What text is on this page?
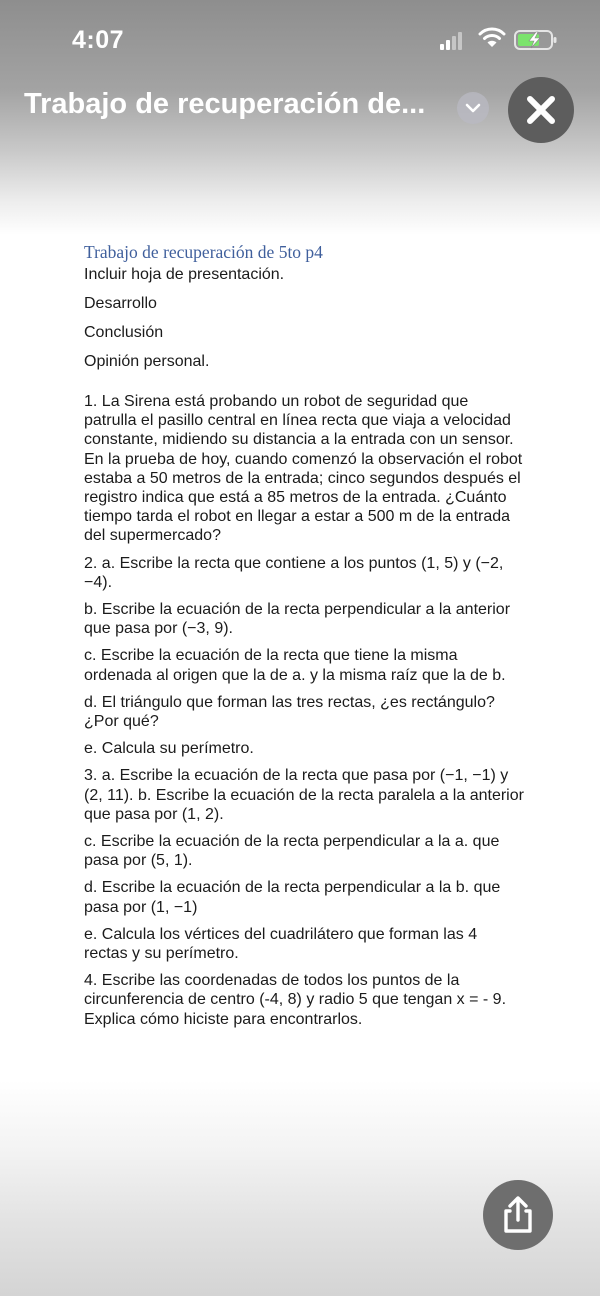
4:07
Trabajo de recuperación de...
Trabajo de recuperación de 5to p4
Incluir hoja de presentación.
Desarrollo
Conclusión
Opinión personal.
1. La Sirena está probando un robot de seguridad que patrulla el pasillo central en línea recta que viaja a velocidad constante, midiendo su distancia a la entrada con un sensor. En la prueba de hoy, cuando comenzó la observación el robot estaba a 50 metros de la entrada; cinco segundos después el registro indica que está a 85 metros de la entrada. ¿Cuánto tiempo tarda el robot en llegar a estar a 500 m de la entrada del supermercado?
2. a. Escribe la recta que contiene a los puntos (1, 5) y (−2, −4).
b. Escribe la ecuación de la recta perpendicular a la anterior que pasa por (−3, 9).
c. Escribe la ecuación de la recta que tiene la misma ordenada al origen que la de a. y la misma raíz que la de b.
d. El triángulo que forman las tres rectas, ¿es rectángulo? ¿Por qué?
e. Calcula su perímetro.
3. a. Escribe la ecuación de la recta que pasa por (−1, −1) y (2, 11). b. Escribe la ecuación de la recta paralela a la anterior que pasa por (1, 2).
c. Escribe la ecuación de la recta perpendicular a la a. que pasa por (5, 1).
d. Escribe la ecuación de la recta perpendicular a la b. que pasa por (1, −1)
e. Calcula los vértices del cuadrilátero que forman las 4 rectas y su perímetro.
4. Escribe las coordenadas de todos los puntos de la circunferencia de centro (-4, 8) y radio 5 que tengan x = - 9. Explica cómo hiciste para encontrarlos.
